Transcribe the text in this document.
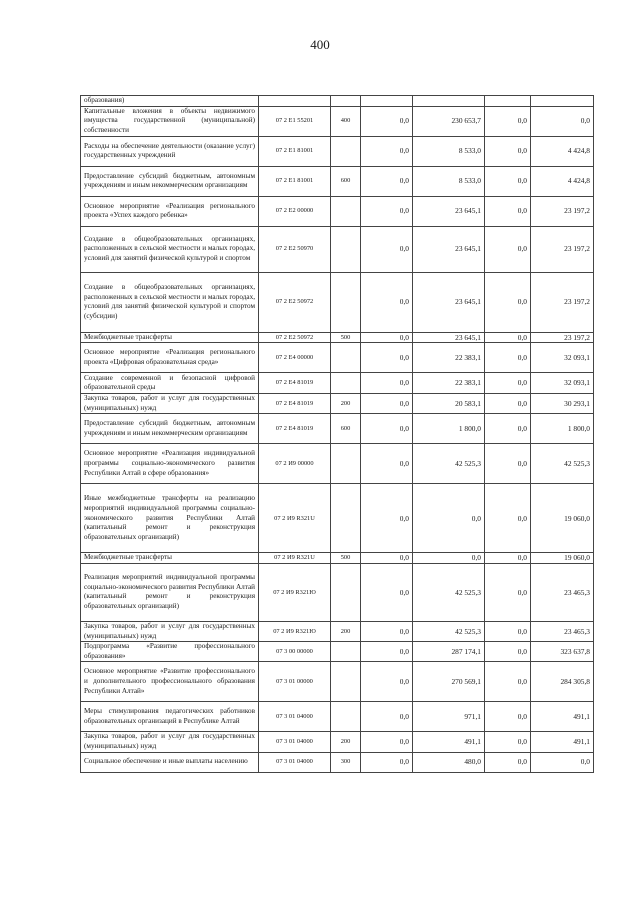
400
образования)						
Капитальные вложения в объекты недвижимого имущества государственной (муниципальной) собственности	07 2 Е1 55201	400	0,0	230 653,7	0,0	0,0
Расходы на обеспечение деятельности (оказание услуг) государственных учреждений	07 2 Е1 81001		0,0	8 533,0	0,0	4 424,8
Предоставление субсидий бюджетным, автономным учреждениям и иным некоммерческим организациям	07 2 Е1 81001	600	0,0	8 533,0	0,0	4 424,8
Основное мероприятие «Реализация регионального проекта «Успех каждого ребенка»	07 2 Е2 00000		0,0	23 645,1	0,0	23 197,2
Создание в общеобразовательных организациях, расположенных в сельской местности и малых городах, условий для занятий физической культурой и спортом	07 2 Е2 50970		0,0	23 645,1	0,0	23 197,2
Создание в общеобразовательных организациях, расположенных в сельской местности и малых городах, условий для занятий физической культурой и спортом (субсидии)	07 2 Е2 50972		0,0	23 645,1	0,0	23 197,2
Межбюджетные трансферты	07 2 Е2 50972	500	0,0	23 645,1	0,0	23 197,2
Основное мероприятие «Реализация регионального проекта «Цифровая образовательная среда»	07 2 Е4 00000		0,0	22 383,1	0,0	32 093,1
Создание современной и безопасной цифровой образовательной среды	07 2 Е4 81019		0,0	22 383,1	0,0	32 093,1
Закупка товаров, работ и услуг для государственных (муниципальных) нужд	07 2 Е4 81019	200	0,0	20 583,1	0,0	30 293,1
Предоставление субсидий бюджетным, автономным учреждениям и иным некоммерческим организациям	07 2 Е4 81019	600	0,0	1 800,0	0,0	1 800,0
Основное мероприятие «Реализация индивидуальной программы социально-экономического развития Республики Алтай в сфере образования»	07 2 И9 00000		0,0	42 525,3	0,0	42 525,3
Иные межбюджетные трансферты на реализацию мероприятий индивидуальной программы социально-экономического развития Республики Алтай (капитальный ремонт и реконструкция образовательных организаций)	07 2 И9 R321U		0,0	0,0	0,0	19 060,0
Межбюджетные трансферты	07 2 И9 R321U	500	0,0	0,0	0,0	19 060,0
Реализация мероприятий индивидуальной программы социально-экономического развития Республики Алтай (капитальный ремонт и реконструкция образовательных организаций)	07 2 И9 R321Ю		0,0	42 525,3	0,0	23 465,3
Закупка товаров, работ и услуг для государственных (муниципальных) нужд	07 2 И9 R321Ю	200	0,0	42 525,3	0,0	23 465,3
Подпрограмма «Развитие профессионального образования»	07 3 00 00000		0,0	287 174,1	0,0	323 637,8
Основное мероприятие «Развитие профессионального и дополнительного профессионального образования Республики Алтай»	07 3 01 00000		0,0	270 569,1	0,0	284 305,8
Меры стимулирования педагогических работников образовательных организаций в Республике Алтай	07 3 01 04000		0,0	971,1	0,0	491,1
Закупка товаров, работ и услуг для государственных (муниципальных) нужд	07 3 01 04000	200	0,0	491,1	0,0	491,1
Социальное обеспечение и иные выплаты населению	07 3 01 04000	300	0,0	480,0	0,0	0,0
